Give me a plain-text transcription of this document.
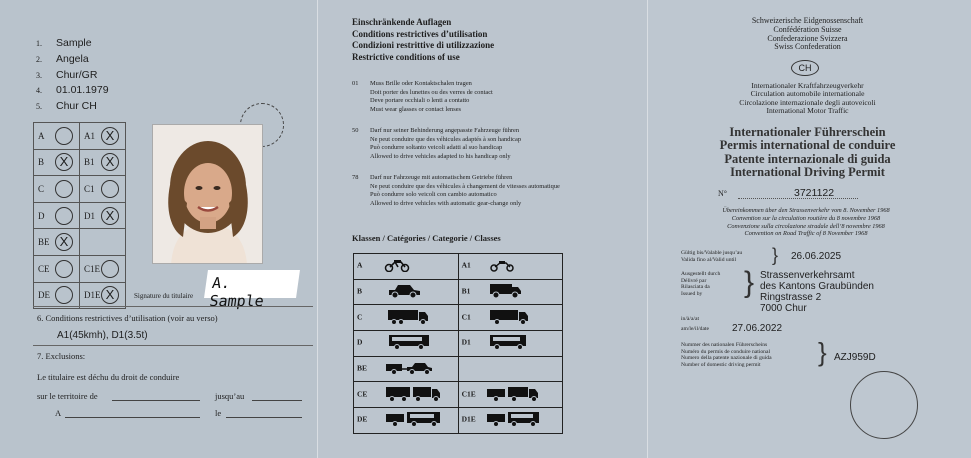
1. Sample
2. Angela
3. Chur/GR
4. 01.01.1979
5. Chur CH
A	A1 X

B X	B1 X

C	C1

D	D1 X

BE X	

CE	C1E

DE	D1E X	Signature du titulaire
A. Sample
6. Conditions restrictives d’utilisation (voir au verso)
A1(45kmh), D1(3.5t)
7. Exclusions:
Le titulaire est déchu du droit de conduire
sur le territoire de	jusqu’au
A	le
Einschränkende Auflagen
Conditions restrictives d’utilisation
Condizioni restrittive di utilizzazione
Restrictive conditions of use
01 Muss Brille oder Kontaktschalen tragen
Doit porter des lunettes ou des verres de contact
Deve portare occhiali o lenti a contatto
Must wear glasses or contact lenses
50 Darf nur seiner Behinderung angepasste Fahrzeuge führen
Ne peut conduire que des véhicules adaptés à son handicap
Può condurre soltanto veicoli adatti al suo handicap
Allowed to drive vehicles adapted to his handicap only
78 Darf nur Fahrzeuge mit automatischem Getriebe führen
Ne peut conduire que des véhicules à changement de vitesses automatique
Può condurre solo veicoli con cambio automatico
Allowed to drive vehicles with automatic gear-change only
Klassen / Catégories / Categorie / Classes
A	A1
B	B1
C	C1
D	D1
BE	
CE	C1E
DE	D1E
Schweizerische Eidgenossenschaft
Confédération Suisse
Confederazione Svizzera
Swiss Confederation
CH
Internationaler Kraftfahrzeugverkehr
Circulation automobile internationale
Circolazione internazionale degli autoveicoli
International Motor Traffic
Internationaler Führerschein
Permis international de conduire
Patente internazionale di guida
International Driving Permit
N°	3721122
Übereinkommen über den Strassenverkehr vom 8. November 1968
Convention sur la circulation routière du 8 novembre 1968
Convenzione sulla circolazione stradale dell’8 novembre 1968
Convention on Road Traffic of 8 November 1968
Gültig bis/Valable jusqu’au
Valida fino al/Valid until	} 26.06.2025
Ausgestellt durch
Délivré par
Rilasciata da
Issued by	} Strassenverkehrsamt
des Kantons Graubünden
Ringstrasse 2
7000 Chur
in/à/a/at
am/le/il/date 27.06.2022
Nummer des nationalen Führerscheins
Numéro du permis de conduire national
Numero della patente nazionale di guida
Number of domestic driving permit	} AZJ959D
